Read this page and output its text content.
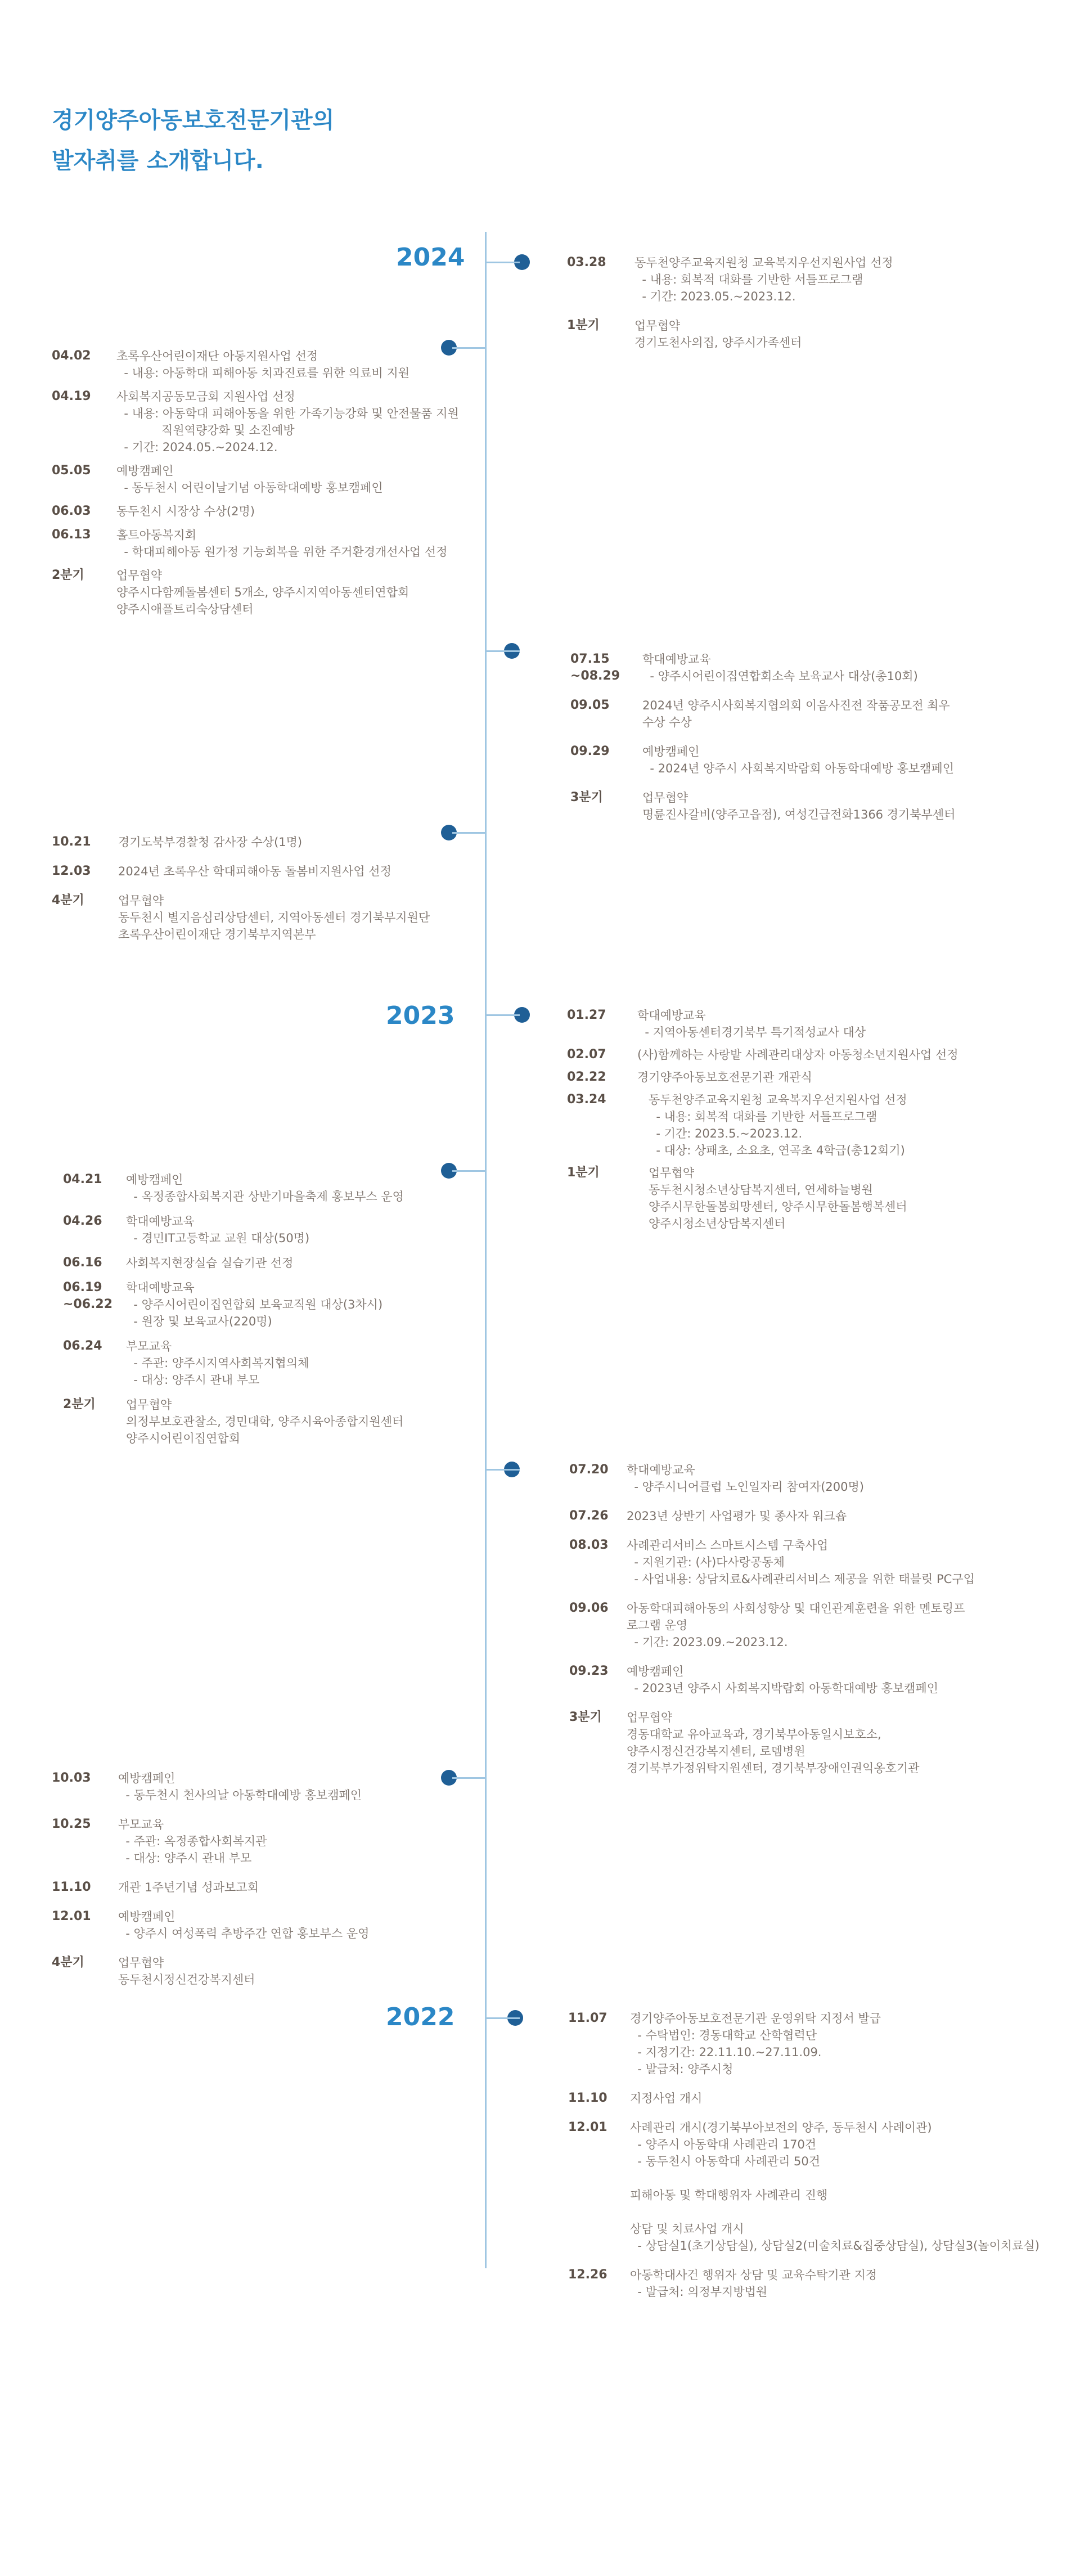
경기양주아동보호전문기관의
발자취를 소개합니다.
2024
2023
2022
03.28 동두천양주교육지원청 교육복지우선지원사업 선정
- 내용: 회복적 대화를 기반한 서틀프로그램
- 기간: 2023.05.~2023.12.
1분기	업무협약
경기도천사의집, 양주시가족센터
04.02 초록우산어린이재단 아동지원사업 선정
- 내용: 아동학대 피해아동 치과진료를 위한 의료비 지원
04.19 사회복지공동모금회 지원사업 선정
- 내용: 아동학대 피해아동을 위한 가족기능강화 및 안전물품 지원
직원역량강화 및 소진예방
- 기간: 2024.05.~2024.12.
05.05 예방캠페인
- 동두천시 어린이날기념 아동학대예방 홍보캠페인
06.03 동두천시 시장상 수상(2명)
06.13 홀트아동복지회
- 학대피해아동 원가정 기능회복을 위한 주거환경개선사업 선정
2분기	업무협약
양주시다함께돌봄센터 5개소, 양주시지역아동센터연합회
양주시애플트리숙상담센터
07.15
~08.29
학대예방교육
- 양주시어린이집연합회소속 보육교사 대상(총10회)
09.05	2024년 양주시사회복지협의회 이음사진전 작품공모전 최우
수상 수상
09.29	예방캠페인
- 2024년 양주시 사회복지박람회 아동학대예방 홍보캠페인
3분기	업무협약
명륜진사갈비(양주고읍점), 여성긴급전화1366 경기북부센터
10.21 경기도북부경찰청 감사장 수상(1명)
12.03 2024년 초록우산 학대피해아동 돌봄비지원사업 선정
4분기	업무협약
동두천시 별지음심리상담센터, 지역아동센터 경기북부지원단
초록우산어린이재단 경기북부지역본부
01.27	학대예방교육
- 지역아동센터경기북부 특기적성교사 대상
02.07	(사)함께하는 사랑밭 사례관리대상자 아동청소년지원사업 선정
02.22	경기양주아동보호전문기관 개관식
03.24	동두천양주교육지원청 교육복지우선지원사업 선정
- 내용: 회복적 대화를 기반한 서틀프로그램
- 기간: 2023.5.~2023.12.
- 대상: 상패초, 소요초, 연곡초 4학급(총12회기)
1분기	업무협약
동두천시청소년상담복지센터, 연세하늘병원
양주시무한돌봄희망센터, 양주시무한돌봄행복센터
양주시청소년상담복지센터
04.21 예방캠페인
- 옥정종합사회복지관 상반기마을축제 홍보부스 운영
04.26 학대예방교육
- 경민IT고등학교 교원 대상(50명)
06.16 사회복지현장실습 실습기관 선정
06.19
~06.22
학대예방교육
- 양주시어린이집연합회 보육교직원 대상(3차시)
- 원장 및 보육교사(220명)
06.24 부모교육
- 주관: 양주시지역사회복지협의체
- 대상: 양주시 관내 부모
2분기	업무협약
의정부보호관찰소, 경민대학, 양주시육아종합지원센터
양주시어린이집연합회
07.20 학대예방교육
- 양주시니어클럽 노인일자리 참여자(200명)
07.26 2023년 상반기 사업평가 및 종사자 워크숍
08.03 사례관리서비스 스마트시스템 구축사업
- 지원기관: (사)다사랑공동체
- 사업내용: 상담치료&사례관리서비스 제공을 위한 태블릿 PC구입
09.06 아동학대피해아동의 사회성향상 및 대인관계훈련을 위한 멘토링프
로그램 운영
- 기간: 2023.09.~2023.12.
09.23 예방캠페인
- 2023년 양주시 사회복지박람회 아동학대예방 홍보캠페인
3분기 업무협약
경동대학교 유아교육과, 경기북부아동일시보호소,
양주시정신건강복지센터, 로뎀병원
경기북부가정위탁지원센터, 경기북부장애인권익옹호기관
10.03 예방캠페인
- 동두천시 천사의날 아동학대예방 홍보캠페인
10.25 부모교육
- 주관: 옥정종합사회복지관
- 대상: 양주시 관내 부모
11.10 개관 1주년기념 성과보고회
12.01 예방캠페인
- 양주시 여성폭력 추방주간 연합 홍보부스 운영
4분기	업무협약
동두천시정신건강복지센터
11.07 경기양주아동보호전문기관 운영위탁 지정서 발급
- 수탁법인: 경동대학교 산학협력단
- 지정기간: 22.11.10.~27.11.09.
- 발급처: 양주시청
11.10 지정사업 개시
12.01 사례관리 개시(경기북부아보전의 양주, 동두천시 사례이관)
- 양주시 아동학대 사례관리 170건
- 동두천시 아동학대 사례관리 50건
피해아동 및 학대행위자 사례관리 진행
상담 및 치료사업 개시
- 상담실1(초기상담실), 상담실2(미술치료&집중상담실), 상담실3(놀이치료실)
12.26 아동학대사건 행위자 상담 및 교육수탁기관 지정
- 발급처: 의정부지방법원
